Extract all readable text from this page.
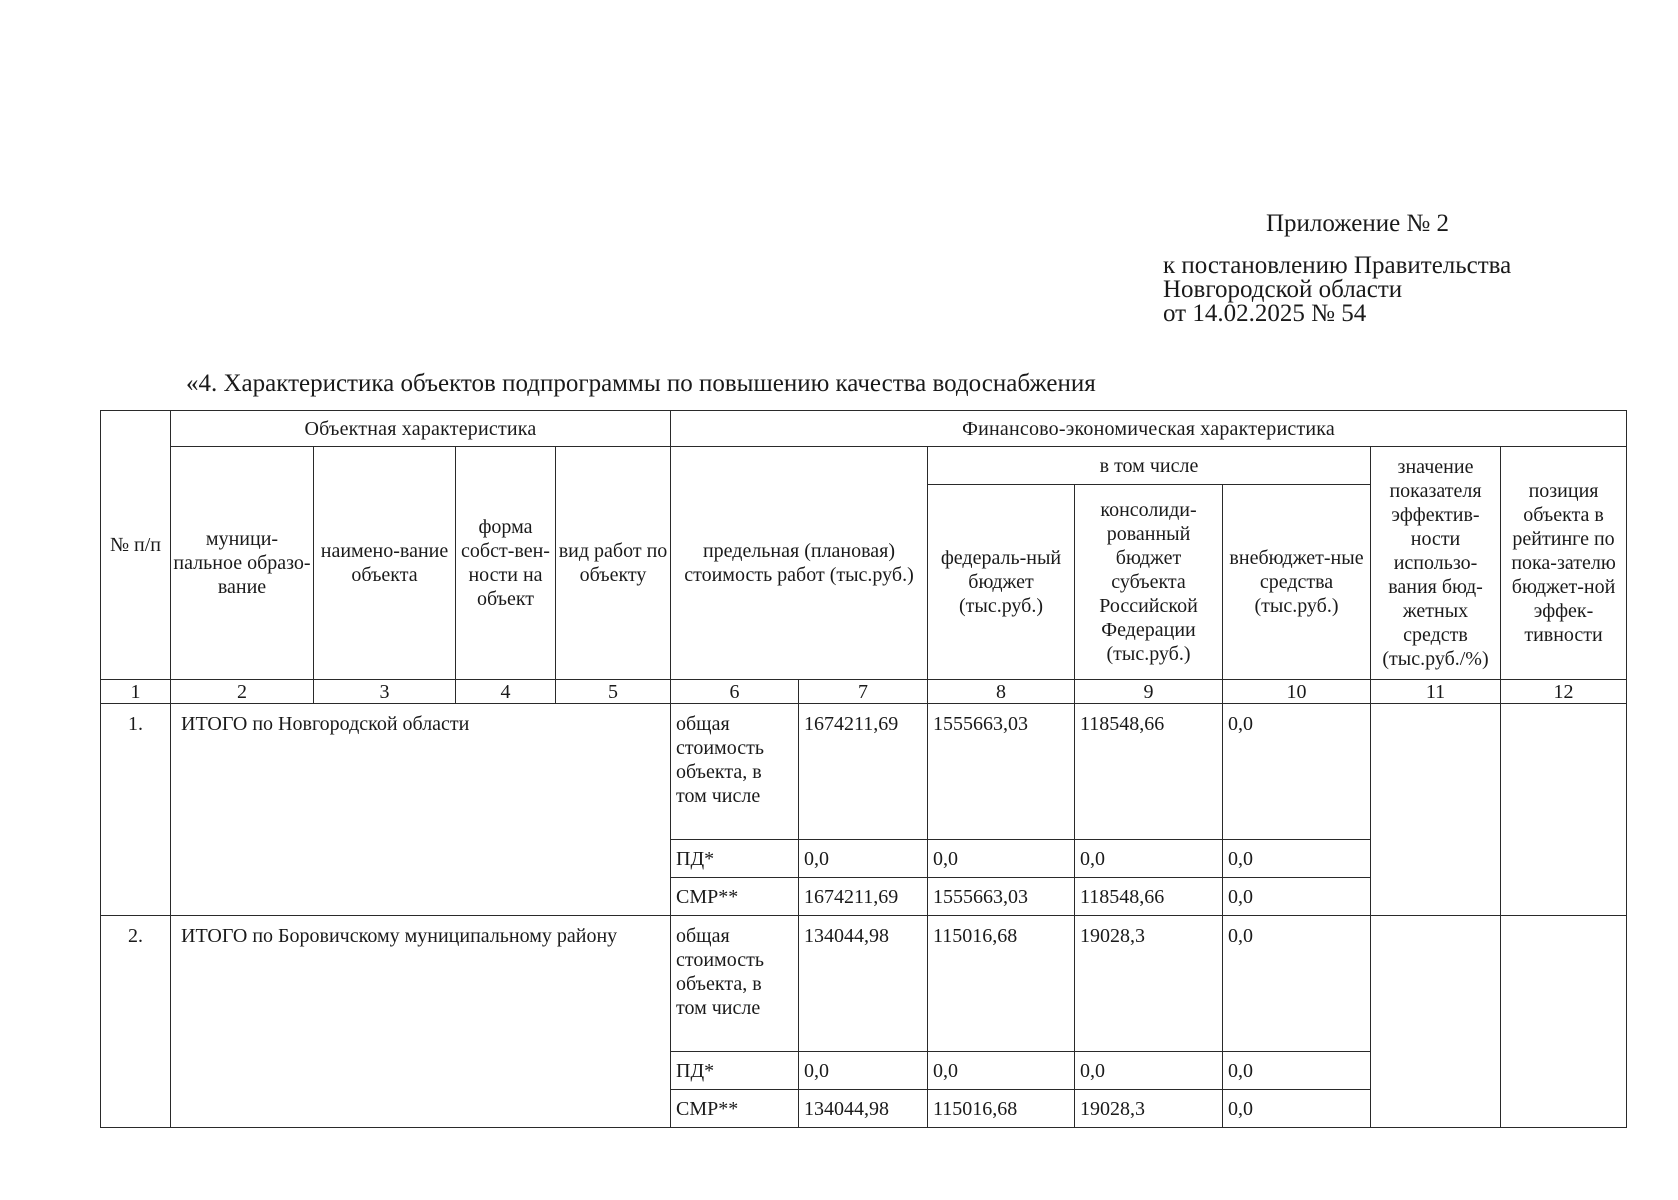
Приложение № 2
к постановлению Правительства
Новгородской области
от 14.02.2025 № 54
«4. Характеристика объектов подпрограммы по повышению качества водоснабжения
№ п/п	Объектная характеристика				Финансово-экономическая характеристика						
	муници-пальное образо-вание	наимено-вание объекта	форма собст-вен-ности на объект	вид работ по объекту	предельная (плановая) стоимость работ (тыс.руб.)		в том числе			значение показателя эффектив-ности использо-вания бюд-жетных средств (тыс.руб./%)	позиция объекта в рейтинге по пока-зателю бюджет-ной эффек-тивности
							федераль-ный бюджет (тыс.руб.)	консолиди-рованный бюджет субъекта Российской Федерации (тыс.руб.)	внебюджет-ные средства (тыс.руб.)		
1	2	3	4	5	6	7	8	9	10	11	12
1.	ИТОГО по Новгородской области				общая стоимость объекта, в том числе	1674211,69	1555663,03	118548,66	0,0		
					ПД*	0,0	0,0	0,0	0,0		
					СМР**	1674211,69	1555663,03	118548,66	0,0		
2.	ИТОГО по Боровичскому муниципальному району				общая стоимость объекта, в том числе	134044,98	115016,68	19028,3	0,0		
					ПД*	0,0	0,0	0,0	0,0		
					СМР**	134044,98	115016,68	19028,3	0,0		
